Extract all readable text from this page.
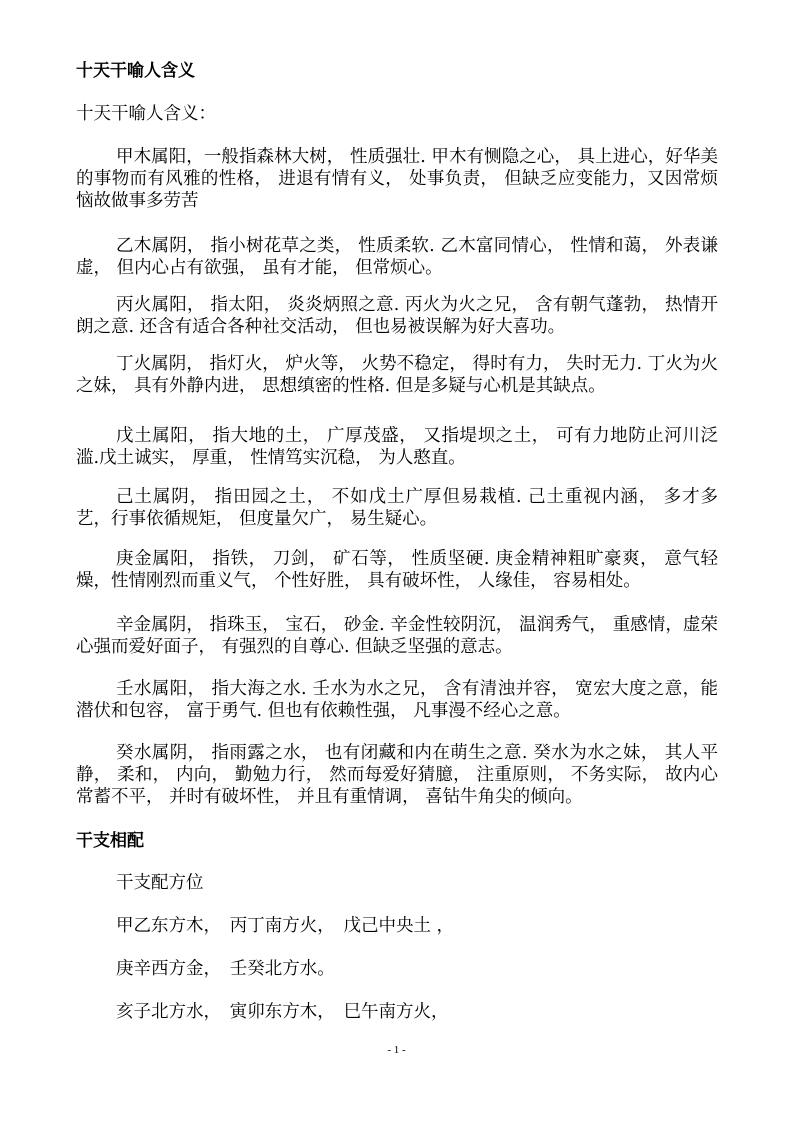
十天干喻人含义
十天干喻人含义：
甲木属阳，一般指森林大树， 性质强壮. 甲木有恻隐之心， 具上进心，好华美的事物而有风雅的性格， 进退有情有义， 处事负责， 但缺乏应变能力，又因常烦恼故做事多劳苦
乙木属阴， 指小树花草之类， 性质柔软. 乙木富同情心， 性情和蔼， 外表谦虚， 但内心占有欲强， 虽有才能， 但常烦心。
丙火属阳， 指太阳， 炎炎炳照之意. 丙火为火之兄， 含有朝气蓬勃， 热情开朗之意. 还含有适合各种社交活动， 但也易被误解为好大喜功。
丁火属阴， 指灯火， 炉火等， 火势不稳定， 得时有力， 失时无力. 丁火为火之妹， 具有外静内进， 思想缜密的性格. 但是多疑与心机是其缺点。
戊土属阳， 指大地的土， 广厚茂盛， 又指堤坝之土， 可有力地防止河川泛滥.戊土诚实， 厚重， 性情笃实沉稳， 为人憨直。
己土属阴， 指田园之土， 不如戊土广厚但易栽植. 己土重视内涵， 多才多艺，行事依循规矩， 但度量欠广， 易生疑心。
庚金属阳， 指铁， 刀剑， 矿石等， 性质坚硬. 庚金精神粗旷豪爽， 意气轻燥，性情刚烈而重义气， 个性好胜， 具有破坏性， 人缘佳， 容易相处。
辛金属阴， 指珠玉， 宝石， 砂金. 辛金性较阴沉， 温润秀气， 重感情，虚荣心强而爱好面子， 有强烈的自尊心. 但缺乏坚强的意志。
壬水属阳， 指大海之水. 壬水为水之兄， 含有清浊并容， 宽宏大度之意，能潜伏和包容， 富于勇气. 但也有依赖性强， 凡事漫不经心之意。
癸水属阴， 指雨露之水， 也有闭藏和内在萌生之意. 癸水为水之妹， 其人平静， 柔和， 内向， 勤勉力行， 然而每爱好猜臆， 注重原则， 不务实际， 故内心常蓄不平， 并时有破坏性， 并且有重情调， 喜钻牛角尖的倾向。
干支相配
干支配方位
甲乙东方木，　丙丁南方火，　戊己中央土 ，
庚辛西方金，　壬癸北方水。
亥子北方水，　寅卯东方木，　巳午南方火，
- 1 -
